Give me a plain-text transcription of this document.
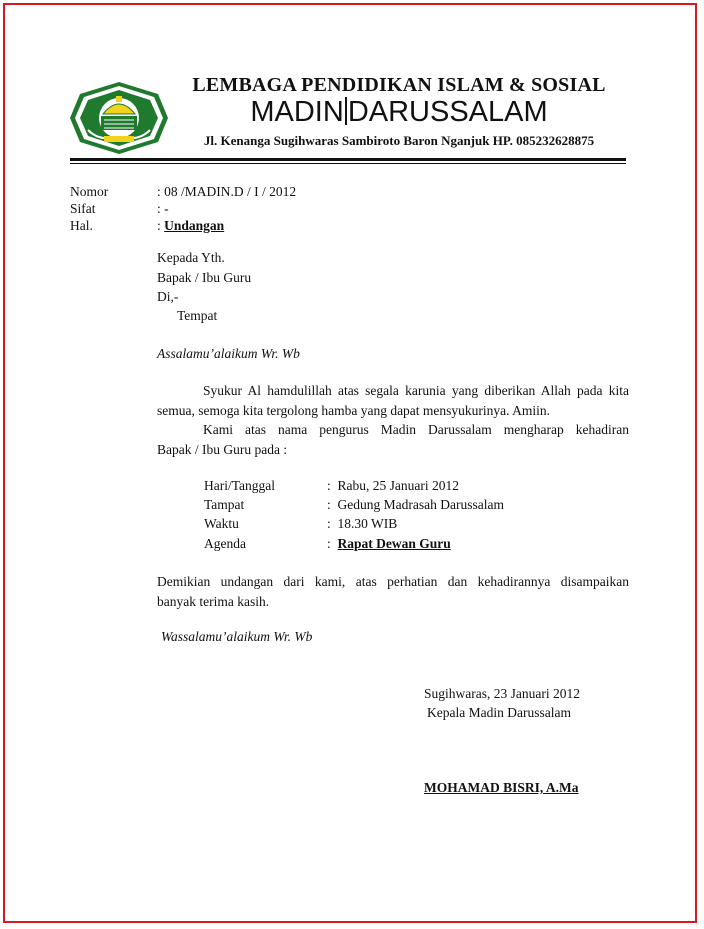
LEMBAGA PENDIDIKAN ISLAM & SOSIAL
MADIN DARUSSALAM
Jl. Kenanga Sugihwaras Sambiroto Baron Nganjuk HP. 085232628875
Nomor	: 08 /MADIN.D / I / 2012
Sifat	: -
Hal.	: Undangan
Kepada Yth.
Bapak / Ibu Guru
Di,-
Tempat
Assalamu’alaikum Wr. Wb
Syukur Al hamdulillah atas segala karunia yang diberikan Allah pada kita
semua, semoga kita tergolong hamba yang dapat mensyukurinya. Amiin.
Kami atas nama pengurus Madin Darussalam mengharap kehadiran
Bapak / Ibu Guru pada :
Hari/Tanggal	:  Rabu, 25 Januari 2012
Tampat	:  Gedung Madrasah Darussalam
Waktu	:  18.30 WIB
Agenda	:  Rapat Dewan Guru
Demikian undangan dari kami, atas perhatian dan kehadirannya disampaikan
banyak terima kasih.
Wassalamu’alaikum Wr. Wb
Sugihwaras, 23 Januari 2012
Kepala Madin Darussalam
MOHAMAD BISRI, A.Ma
